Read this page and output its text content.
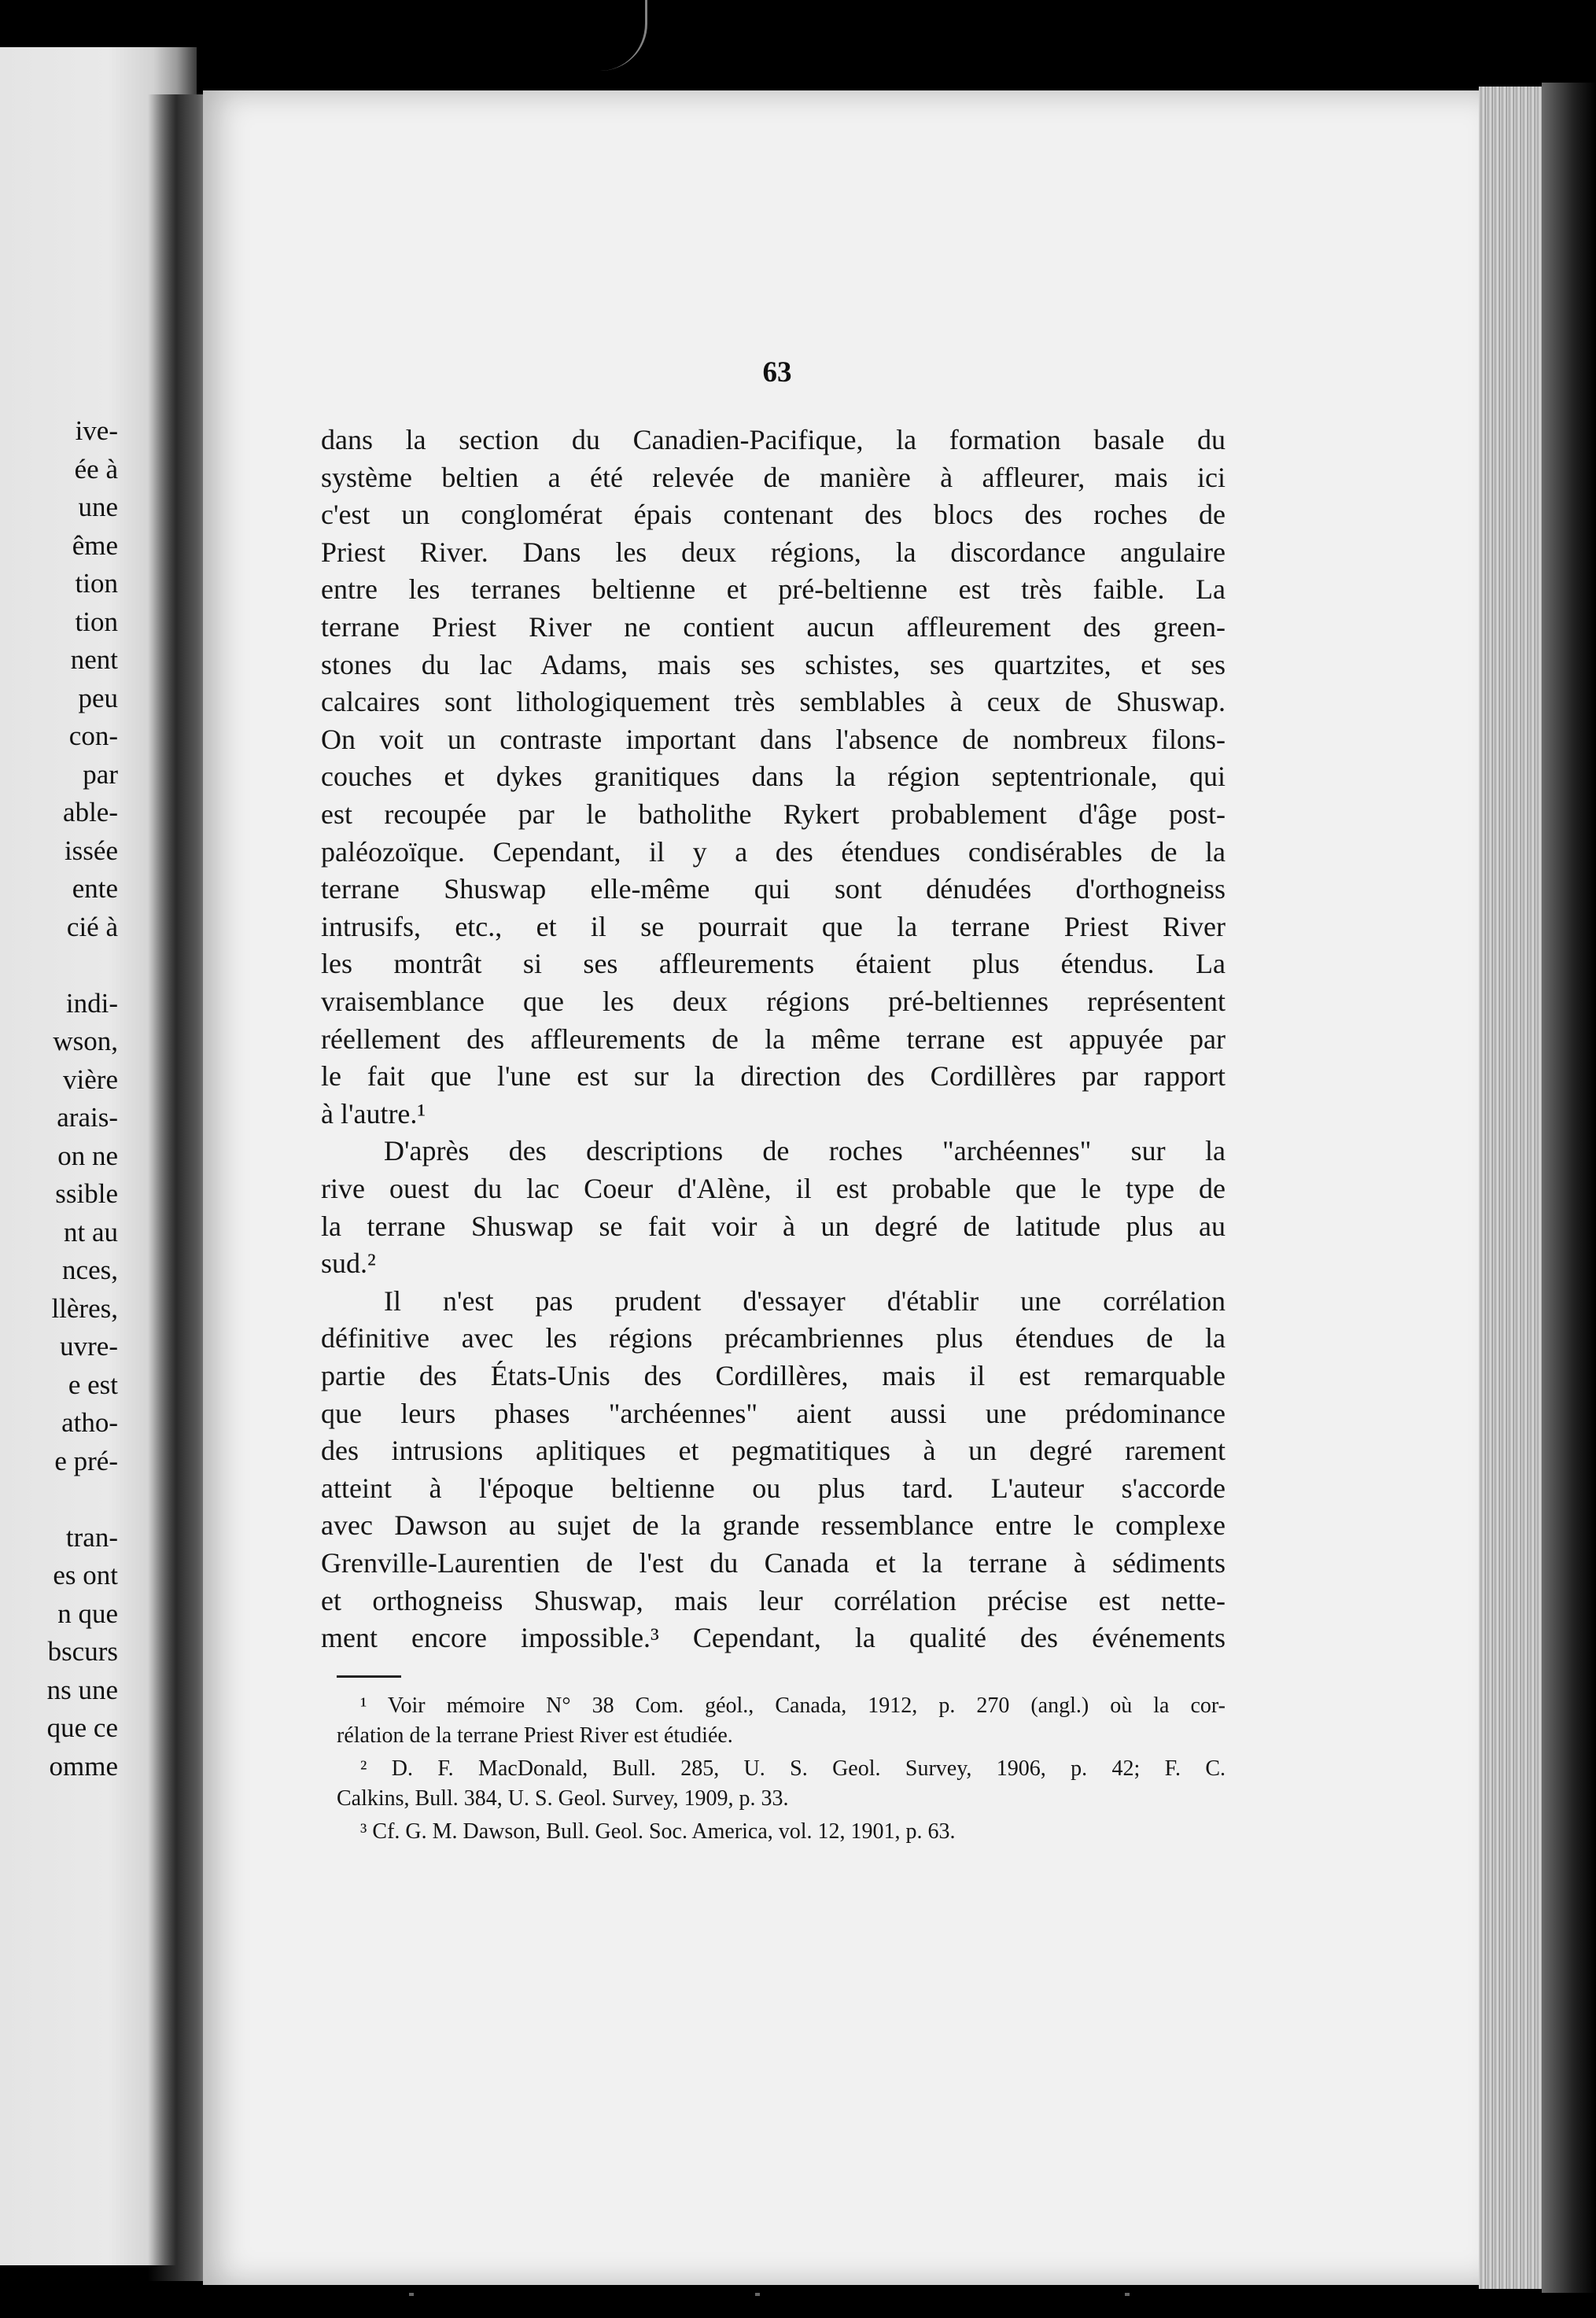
ive-
ée à
une
ême
tion
tion
nent
peu
con-
par
able-
issée
ente
cié à
indi-
wson,
vière
arais-
on ne
ssible
nt au
nces,
llères,
uvre-
e est
atho-
e pré-
tran-
es ont
n que
bscurs
ns une
que ce
omme
63
dans la section du Canadien-Pacifique, la formation basale du
système beltien a été relevée de manière à affleurer, mais ici
c'est un conglomérat épais contenant des blocs des roches de
Priest River. Dans les deux régions, la discordance angulaire
entre les terranes beltienne et pré-beltienne est très faible. La
terrane Priest River ne contient aucun affleurement des green-
stones du lac Adams, mais ses schistes, ses quartzites, et ses
calcaires sont lithologiquement très semblables à ceux de Shuswap.
On voit un contraste important dans l'absence de nombreux filons-
couches et dykes granitiques dans la région septentrionale, qui
est recoupée par le batholithe Rykert probablement d'âge post-
paléozoïque. Cependant, il y a des étendues condisérables de la
terrane Shuswap elle-même qui sont dénudées d'orthogneiss
intrusifs, etc., et il se pourrait que la terrane Priest River
les montrât si ses affleurements étaient plus étendus. La
vraisemblance que les deux régions pré-beltiennes représentent
réellement des affleurements de la même terrane est appuyée par
le fait que l'une est sur la direction des Cordillères par rapport
à l'autre.¹
D'après des descriptions de roches "archéennes" sur la
rive ouest du lac Coeur d'Alène, il est probable que le type de
la terrane Shuswap se fait voir à un degré de latitude plus au
sud.²
Il n'est pas prudent d'essayer d'établir une corrélation
définitive avec les régions précambriennes plus étendues de la
partie des États-Unis des Cordillères, mais il est remarquable
que leurs phases "archéennes" aient aussi une prédominance
des intrusions aplitiques et pegmatitiques à un degré rarement
atteint à l'époque beltienne ou plus tard. L'auteur s'accorde
avec Dawson au sujet de la grande ressemblance entre le complexe
Grenville-Laurentien de l'est du Canada et la terrane à sédiments
et orthogneiss Shuswap, mais leur corrélation précise est nette-
ment encore impossible.³ Cependant, la qualité des événements
¹ Voir mémoire N° 38 Com. géol., Canada, 1912, p. 270 (angl.) où la cor-
rélation de la terrane Priest River est étudiée.
² D. F. MacDonald, Bull. 285, U. S. Geol. Survey, 1906, p. 42; F. C.
Calkins, Bull. 384, U. S. Geol. Survey, 1909, p. 33.
³ Cf. G. M. Dawson, Bull. Geol. Soc. America, vol. 12, 1901, p. 63.
